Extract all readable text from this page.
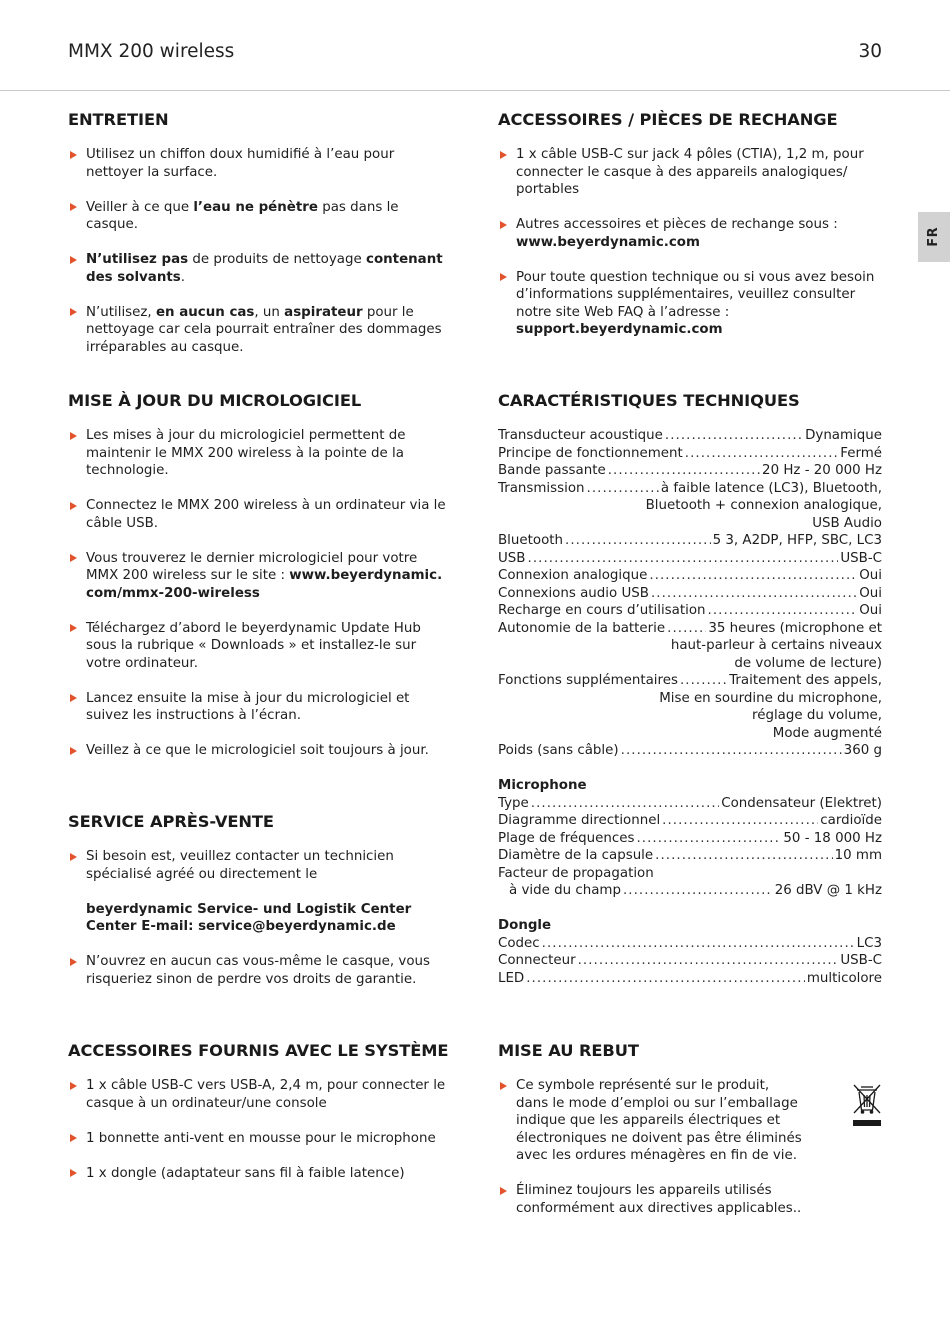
MMX 200 wireless	30
FR
ENTRETIEN
Utilisez un chiffon doux humidifié à l’eau pour nettoyer la surface.
Veiller à ce que l’eau ne pénètre pas dans le casque.
N’utilisez pas de produits de nettoyage contenant des solvants.
N’utilisez, en aucun cas, un aspirateur pour le nettoyage car cela pourrait entraîner des dommages irréparables au casque.
ACCESSOIRES / PIÈCES DE RECHANGE
1 x câble USB-C sur jack 4 pôles (CTIA), 1,2 m, pour connecter le casque à des appareils analogiques/ portables
Autres accessoires et pièces de rechange sous : www.beyerdynamic.com
Pour toute question technique ou si vous avez besoin d’informations supplémentaires, veuillez consulter notre site Web FAQ à l’adresse : support.beyerdynamic.com
MISE À JOUR DU MICROLOGICIEL
Les mises à jour du micrologiciel permettent de maintenir le MMX 200 wireless à la pointe de la technologie.
Connectez le MMX 200 wireless à un ordinateur via le câble USB.
Vous trouverez le dernier micrologiciel pour votre MMX 200 wireless sur le site : www.beyerdynamic. com/mmx-200-wireless
Téléchargez d’abord le beyerdynamic Update Hub sous la rubrique « Downloads » et installez-le sur votre ordinateur.
Lancez ensuite la mise à jour du micrologiciel et suivez les instructions à l’écran.
Veillez à ce que le micrologiciel soit toujours à jour.
CARACTÉRISTIQUES TECHNIQUES
Transducteur acoustique . . .	Dynamique
Principe de fonctionnement . . .	Fermé
Bande passante . . .	20 Hz - 20 000 Hz
Transmission . . .	à faible latence (LC3), Bluetooth,
Bluetooth + connexion analogique,
USB Audio
Bluetooth . . .	5 3, A2DP, HFP, SBC, LC3
USB . . .	USB-C
Connexion analogique . . .	Oui
Connexions audio USB . . .	Oui
Recharge en cours d’utilisation . . .	Oui
Autonomie de la batterie . . .	35 heures (microphone et
haut-parleur à certains niveaux
de volume de lecture)
Fonctions supplémentaires . . .	Traitement des appels,
Mise en sourdine du microphone,
réglage du volume,
Mode augmenté
Poids (sans câble) . . .	360 g
Microphone
Type . . .	Condensateur (Elektret)
Diagramme directionnel . . .	cardioïde
Plage de fréquences . . .	50 - 18 000 Hz
Diamètre de la capsule . . .	10 mm
Facteur de propagation
à vide du champ . . .	26 dBV @ 1 kHz
Dongle
Codec . . .	LC3
Connecteur . . .	USB-C
LED . . .	multicolore
SERVICE APRÈS-VENTE
Si besoin est, veuillez contacter un technicien spécialisé agréé ou directement le
beyerdynamic Service- und Logistik Center
Center E-mail: service@beyerdynamic.de
N’ouvrez en aucun cas vous-même le casque, vous risqueriez sinon de perdre vos droits de garantie.
ACCESSOIRES FOURNIS AVEC LE SYSTÈME
1 x câble USB-C vers USB-A, 2,4 m, pour connecter le casque à un ordinateur/une console
1 bonnette anti-vent en mousse pour le microphone
1 x dongle (adaptateur sans fil à faible latence)
MISE AU REBUT
Ce symbole représenté sur le produit, dans le mode d’emploi ou sur l’emballage indique que les appareils électriques et électroniques ne doivent pas être éliminés avec les ordures ménagères en fin de vie.
Éliminez toujours les appareils utilisés conformément aux directives applicables..
